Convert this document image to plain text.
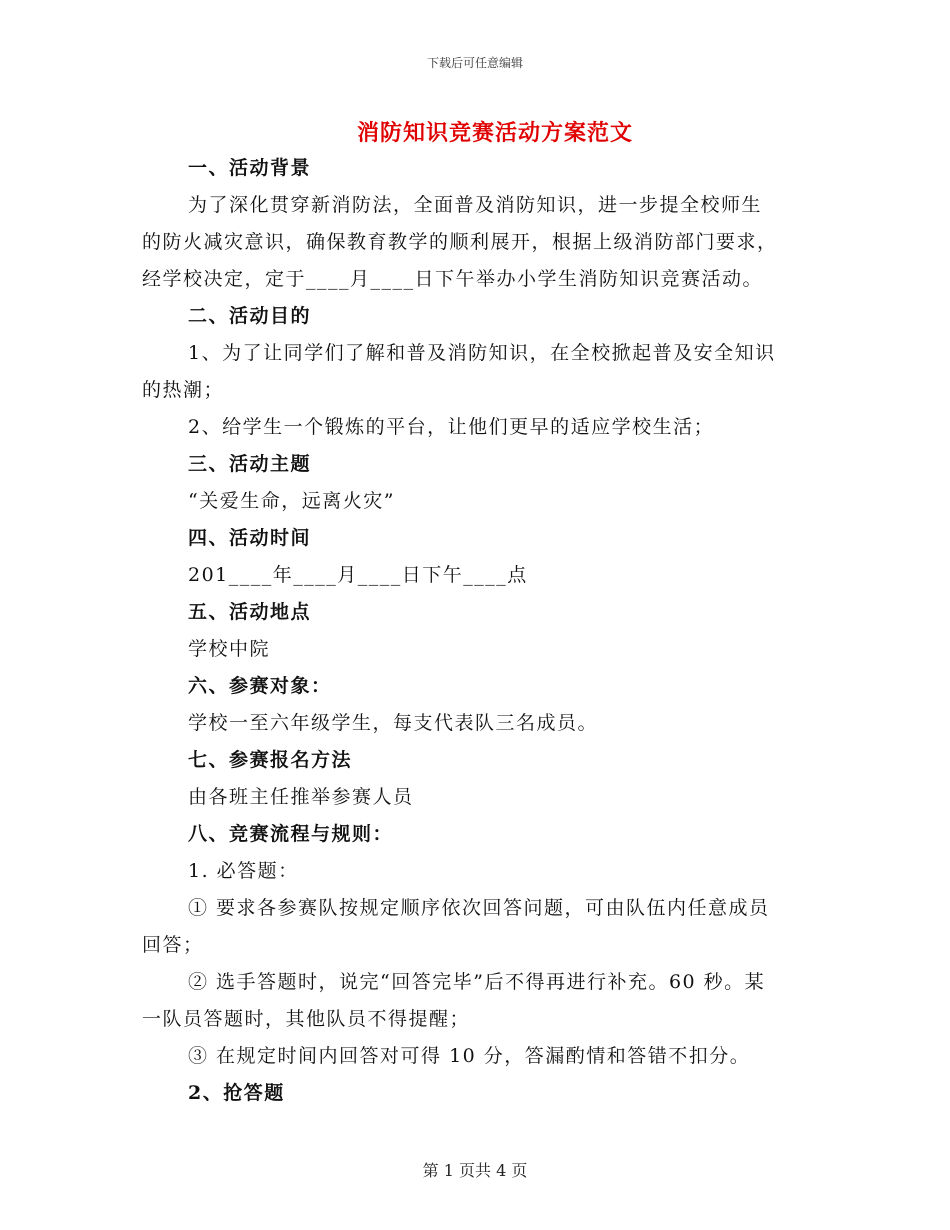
下载后可任意编辑
消防知识竞赛活动方案范文

一、活动背景

为了深化贯穿新消防法，全面普及消防知识，进一步提全校师生

的防火减灾意识，确保教育教学的顺利展开，根据上级消防部门要求，

经学校决定，定于____月____日下午举办小学生消防知识竞赛活动。

二、活动目的

1、为了让同学们了解和普及消防知识，在全校掀起普及安全知识

的热潮；

2、给学生一个锻炼的平台，让他们更早的适应学校生活；

三、活动主题

“关爱生命，远离火灾”

四、活动时间

201____年____月____日下午____点

五、活动地点

学校中院

六、参赛对象：

学校一至六年级学生，每支代表队三名成员。

七、参赛报名方法

由各班主任推举参赛人员

八、竞赛流程与规则：

1. 必答题：

① 要求各参赛队按规定顺序依次回答问题，可由队伍内任意成员

回答；

② 选手答题时，说完“回答完毕”后不得再进行补充。60 秒。某

一队员答题时，其他队员不得提醒；

③ 在规定时间内回答对可得 10 分，答漏酌情和答错不扣分。

2、抢答题

第 1 页共 4 页
